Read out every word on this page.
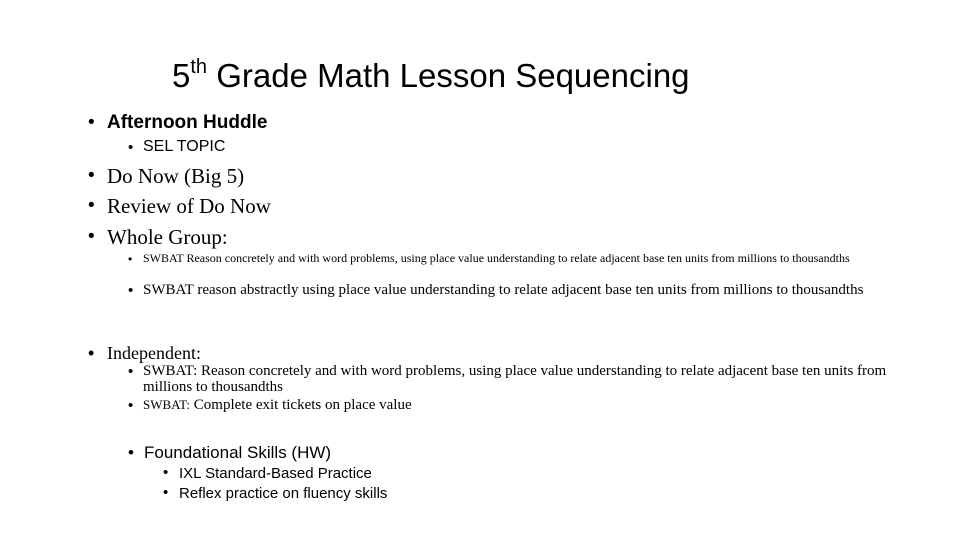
5th Grade Math Lesson Sequencing
• Afternoon Huddle
• SEL TOPIC
• Do Now (Big 5)
• Review of Do Now
• Whole Group:
• SWBAT Reason concretely and with word problems, using place value understanding to relate adjacent base ten units from millions to thousandths
• SWBAT reason abstractly using place value understanding to relate adjacent base ten units from millions to thousandths
• Independent:
• SWBAT: Reason concretely and with word problems, using place value understanding to relate adjacent base ten units from millions to thousandths
• SWBAT: Complete exit tickets on place value
• Foundational Skills (HW)
• IXL Standard-Based Practice
• Reflex practice on fluency skills
